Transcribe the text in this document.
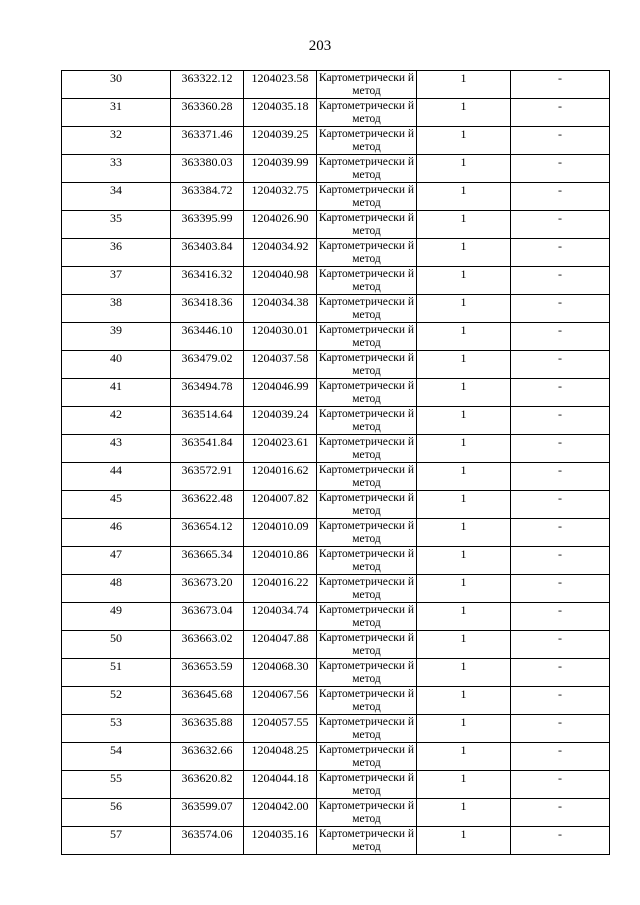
203
30	363322.12	1204023.58	Картометрически й метод	1	-
31	363360.28	1204035.18	Картометрически й метод	1	-
32	363371.46	1204039.25	Картометрически й метод	1	-
33	363380.03	1204039.99	Картометрически й метод	1	-
34	363384.72	1204032.75	Картометрически й метод	1	-
35	363395.99	1204026.90	Картометрически й метод	1	-
36	363403.84	1204034.92	Картометрически й метод	1	-
37	363416.32	1204040.98	Картометрически й метод	1	-
38	363418.36	1204034.38	Картометрически й метод	1	-
39	363446.10	1204030.01	Картометрически й метод	1	-
40	363479.02	1204037.58	Картометрически й метод	1	-
41	363494.78	1204046.99	Картометрически й метод	1	-
42	363514.64	1204039.24	Картометрически й метод	1	-
43	363541.84	1204023.61	Картометрически й метод	1	-
44	363572.91	1204016.62	Картометрически й метод	1	-
45	363622.48	1204007.82	Картометрически й метод	1	-
46	363654.12	1204010.09	Картометрически й метод	1	-
47	363665.34	1204010.86	Картометрически й метод	1	-
48	363673.20	1204016.22	Картометрически й метод	1	-
49	363673.04	1204034.74	Картометрически й метод	1	-
50	363663.02	1204047.88	Картометрически й метод	1	-
51	363653.59	1204068.30	Картометрически й метод	1	-
52	363645.68	1204067.56	Картометрически й метод	1	-
53	363635.88	1204057.55	Картометрически й метод	1	-
54	363632.66	1204048.25	Картометрически й метод	1	-
55	363620.82	1204044.18	Картометрически й метод	1	-
56	363599.07	1204042.00	Картометрически й метод	1	-
57	363574.06	1204035.16	Картометрически й метод	1	-
